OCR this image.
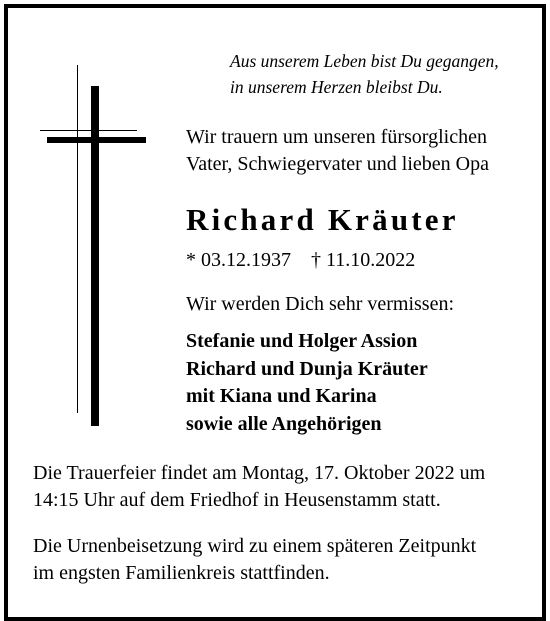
Aus unserem Leben bist Du gegangen,
in unserem Herzen bleibst Du.
Wir trauern um unseren fürsorglichen
Vater, Schwiegervater und lieben Opa
Richard Kräuter
* 03.12.1937 † 11.10.2022
Wir werden Dich sehr vermissen:
Stefanie und Holger Assion
Richard und Dunja Kräuter
mit Kiana und Karina
sowie alle Angehörigen
Die Trauerfeier findet am Montag, 17. Oktober 2022 um
14:15 Uhr auf dem Friedhof in Heusenstamm statt.
Die Urnenbeisetzung wird zu einem späteren Zeitpunkt
im engsten Familienkreis stattfinden.
